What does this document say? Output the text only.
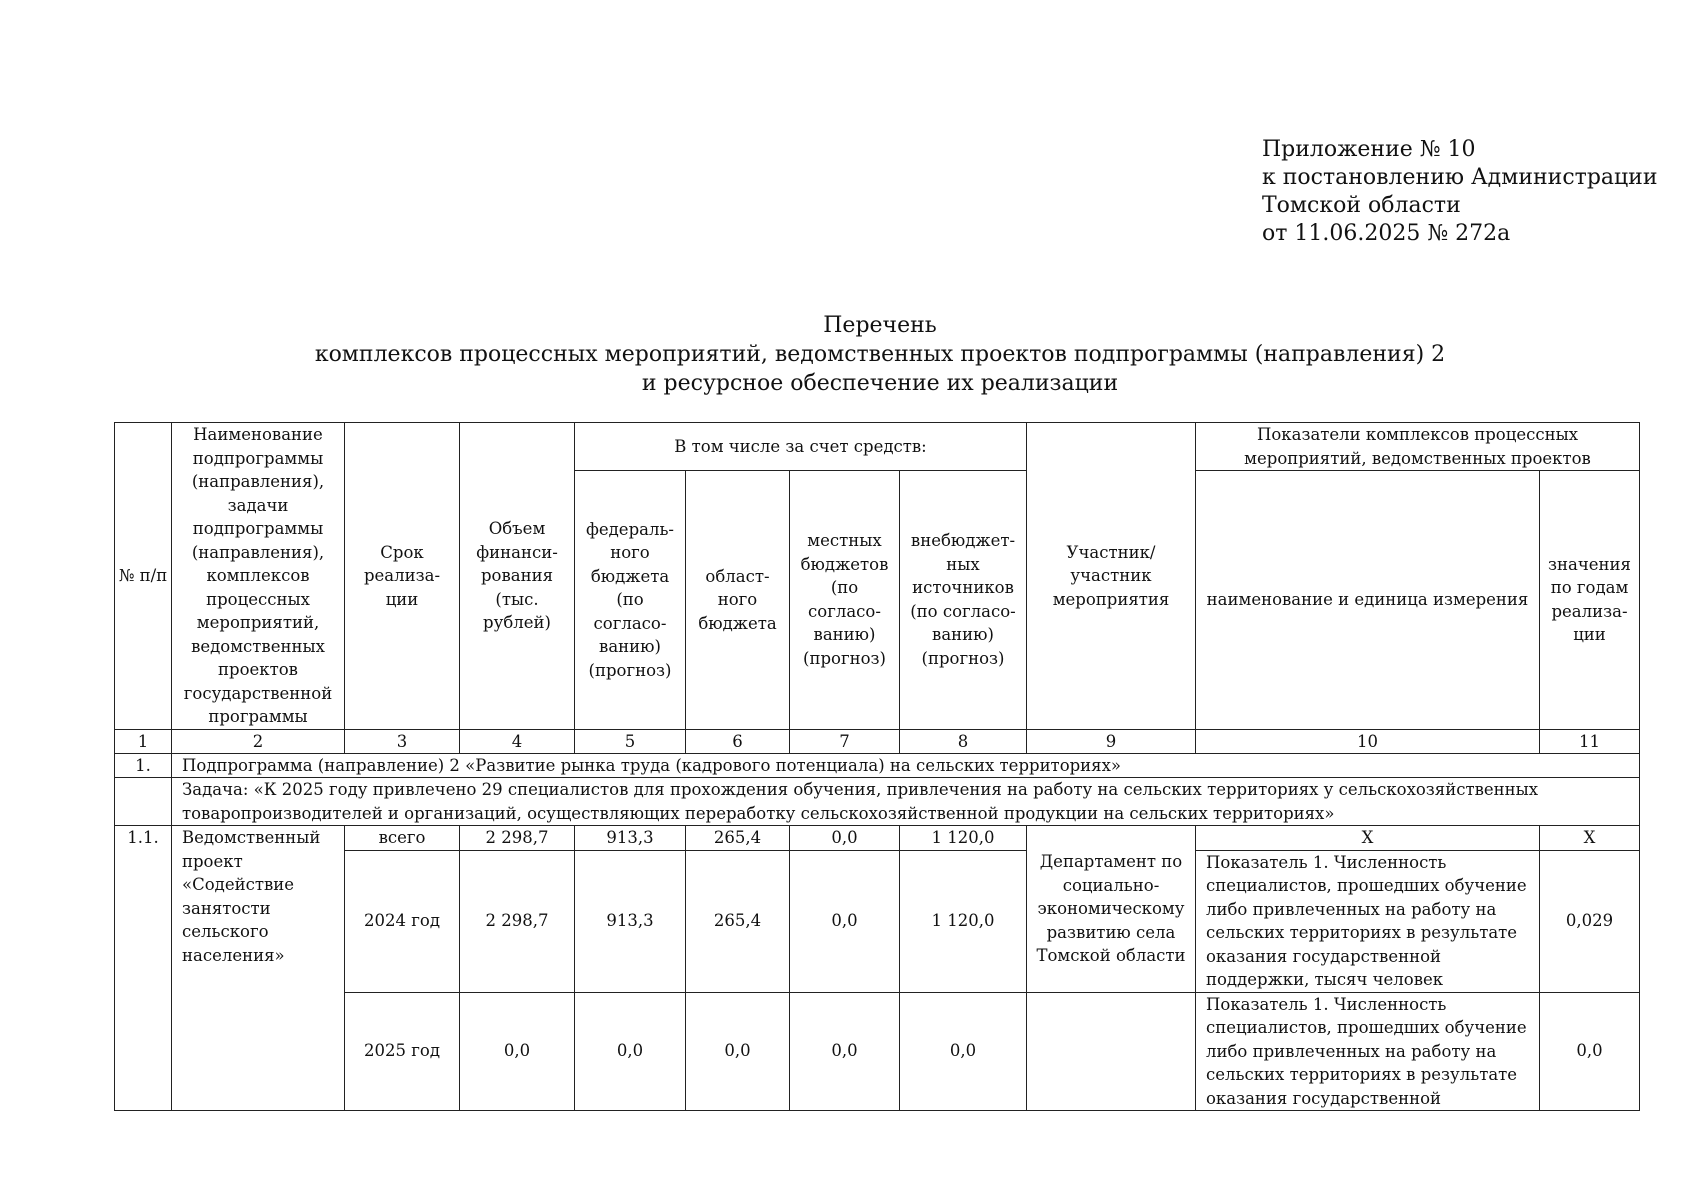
Приложение № 10
к постановлению Администрации
Томской области
от 11.06.2025 № 272а
Перечень
комплексов процессных мероприятий, ведомственных проектов подпрограммы (направления) 2
и ресурсное обеспечение их реализации
№ п/п	Наименование подпрограммы (направления), задачи подпрограммы (направления), комплексов процессных мероприятий, ведомственных проектов государственной программы	Срок реализа-ции	Объем финанси-рования (тыс. рублей)	В том числе за счет средств:				Участник/ участник мероприятия	Показатели комплексов процессных мероприятий, ведомственных проектов	
				федераль-ного бюджета (по согласо-ванию) (прогноз)	област-ного бюджета	местных бюджетов (по согласо-ванию) (прогноз)	внебюджет-ных источников (по согласо-ванию) (прогноз)		наименование и единица измерения	значения по годам реализа-ции
1	2	3	4	5	6	7	8	9	10	11
1.	Подпрограмма (направление) 2 «Развитие рынка труда (кадрового потенциала) на сельских территориях»									
	Задача: «К 2025 году привлечено 29 специалистов для прохождения обучения, привлечения на работу на сельских территориях у сельскохозяйственных товаропроизводителей и организаций, осуществляющих переработку сельскохозяйственной продукции на сельских территориях»									
1.1.	Ведомственный проект «Содействие занятости сельского населения»	всего	2 298,7	913,3	265,4	0,0	1 120,0	Департамент по социально-экономическому развитию села Томской области	Х	Х
		2024 год	2 298,7	913,3	265,4	0,0	1 120,0		Показатель 1. Численность специалистов, прошедших обучение либо привлеченных на работу на сельских территориях в результате оказания государственной поддержки, тысяч человек	0,029
		2025 год	0,0	0,0	0,0	0,0	0,0		Показатель 1. Численность специалистов, прошедших обучение либо привлеченных на работу на сельских территориях в результате оказания государственной	0,0
